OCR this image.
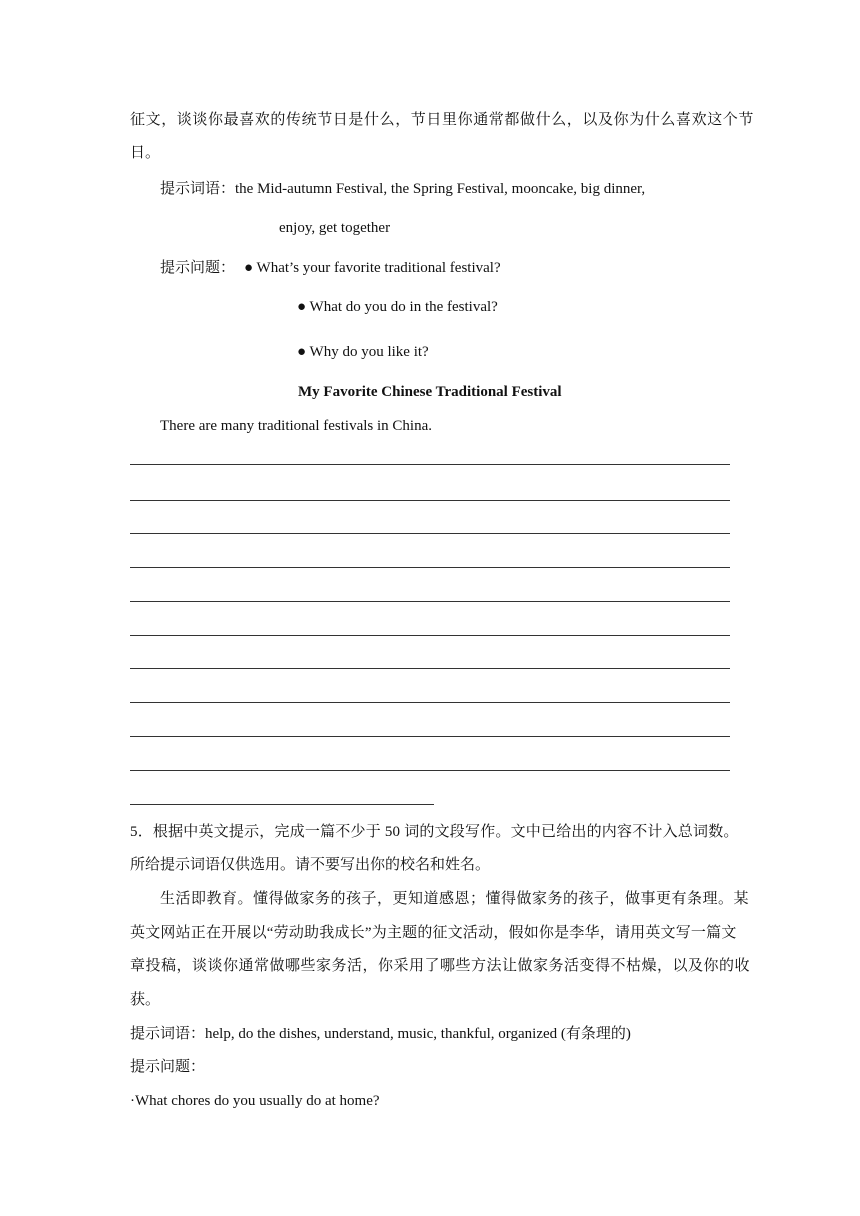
征文，谈谈你最喜欢的传统节日是什么，节日里你通常都做什么，以及你为什么喜欢这个节
日。
提示词语：the Mid-autumn Festival, the Spring Festival, mooncake, big dinner,
enjoy, get together
提示问题： ● What’s your favorite traditional festival?
● What do you do in the festival?
● Why do you like it?
My Favorite Chinese Traditional Festival
There are many traditional festivals in China.
5．根据中英文提示，完成一篇不少于 50 词的文段写作。文中已给出的内容不计入总词数。
所给提示词语仅供选用。请不要写出你的校名和姓名。
生活即教育。懂得做家务的孩子，更知道感恩；懂得做家务的孩子，做事更有条理。某
英文网站正在开展以“劳动助我成长”为主题的征文活动，假如你是李华，请用英文写一篇文
章投稿，谈谈你通常做哪些家务活，你采用了哪些方法让做家务活变得不枯燥，以及你的收
获。
提示词语：help, do the dishes, understand, music, thankful, organized (有条理的)
提示问题：
·What chores do you usually do at home?
